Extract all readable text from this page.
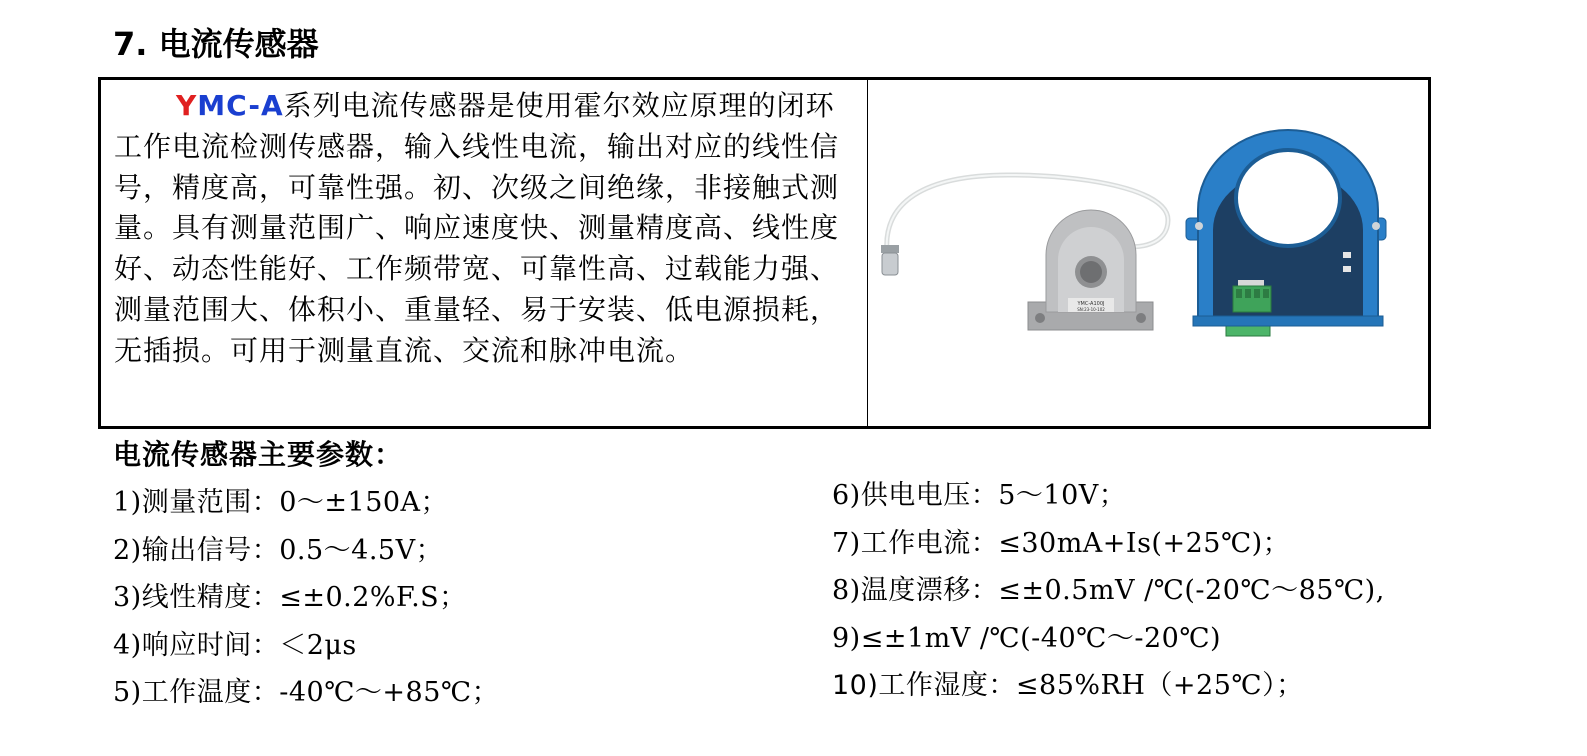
7. 电流传感器
YMC-A系列电流传感器是使用霍尔效应原理的闭环工作电流检测传感器，输入线性电流，输出对应的线性信号，精度高，可靠性强。初、次级之间绝缘，非接触式测量。具有测量范围广、响应速度快、测量精度高、线性度好、动态性能好、工作频带宽、可靠性高、过载能力强、测量范围大、体积小、重量轻、易于安装、低电源损耗，无插损。可用于测量直流、交流和脉冲电流。
YMC-A100J
SN:23-10-102
电流传感器主要参数：
1)测量范围：0～±150A；
2)输出信号：0.5～4.5V；
3)线性精度：≤±0.2%F.S；
4)响应时间：＜2μs
5)工作温度：-40℃～+85℃；
6)供电电压：5～10V；
7)工作电流：≤30mA+Is(+25℃)；
8)温度漂移：≤±0.5mV /℃(-20℃～85℃),
9)≤±1mV /℃(-40℃～-20℃)
10)工作湿度：≤85%RH（+25℃）；
